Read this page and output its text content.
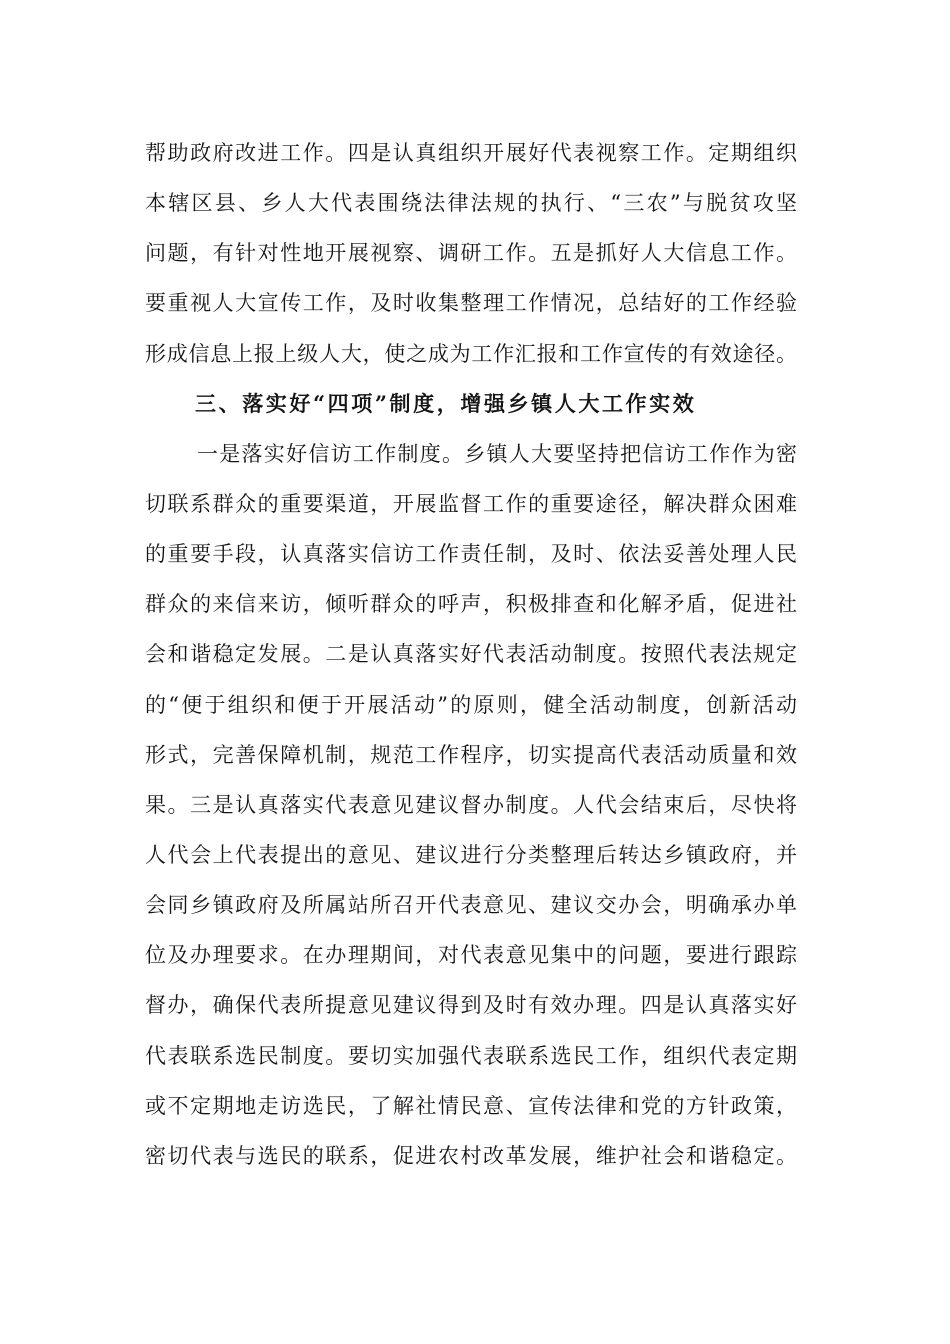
帮助政府改进工作。四是认真组织开展好代表视察工作。定期组织
本辖区县、乡人大代表围绕法律法规的执行、“三农”与脱贫攻坚
问题，有针对性地开展视察、调研工作。五是抓好人大信息工作。
要重视人大宣传工作，及时收集整理工作情况，总结好的工作经验
形成信息上报上级人大，使之成为工作汇报和工作宣传的有效途径。
三、落实好“四项”制度，增强乡镇人大工作实效
一是落实好信访工作制度。乡镇人大要坚持把信访工作作为密
切联系群众的重要渠道，开展监督工作的重要途径，解决群众困难
的重要手段，认真落实信访工作责任制，及时、依法妥善处理人民
群众的来信来访，倾听群众的呼声，积极排查和化解矛盾，促进社
会和谐稳定发展。二是认真落实好代表活动制度。按照代表法规定
的“便于组织和便于开展活动”的原则，健全活动制度，创新活动
形式，完善保障机制，规范工作程序，切实提高代表活动质量和效
果。三是认真落实代表意见建议督办制度。人代会结束后，尽快将
人代会上代表提出的意见、建议进行分类整理后转达乡镇政府，并
会同乡镇政府及所属站所召开代表意见、建议交办会，明确承办单
位及办理要求。在办理期间，对代表意见集中的问题，要进行跟踪
督办，确保代表所提意见建议得到及时有效办理。四是认真落实好
代表联系选民制度。要切实加强代表联系选民工作，组织代表定期
或不定期地走访选民，了解社情民意、宣传法律和党的方针政策，
密切代表与选民的联系，促进农村改革发展，维护社会和谐稳定。
